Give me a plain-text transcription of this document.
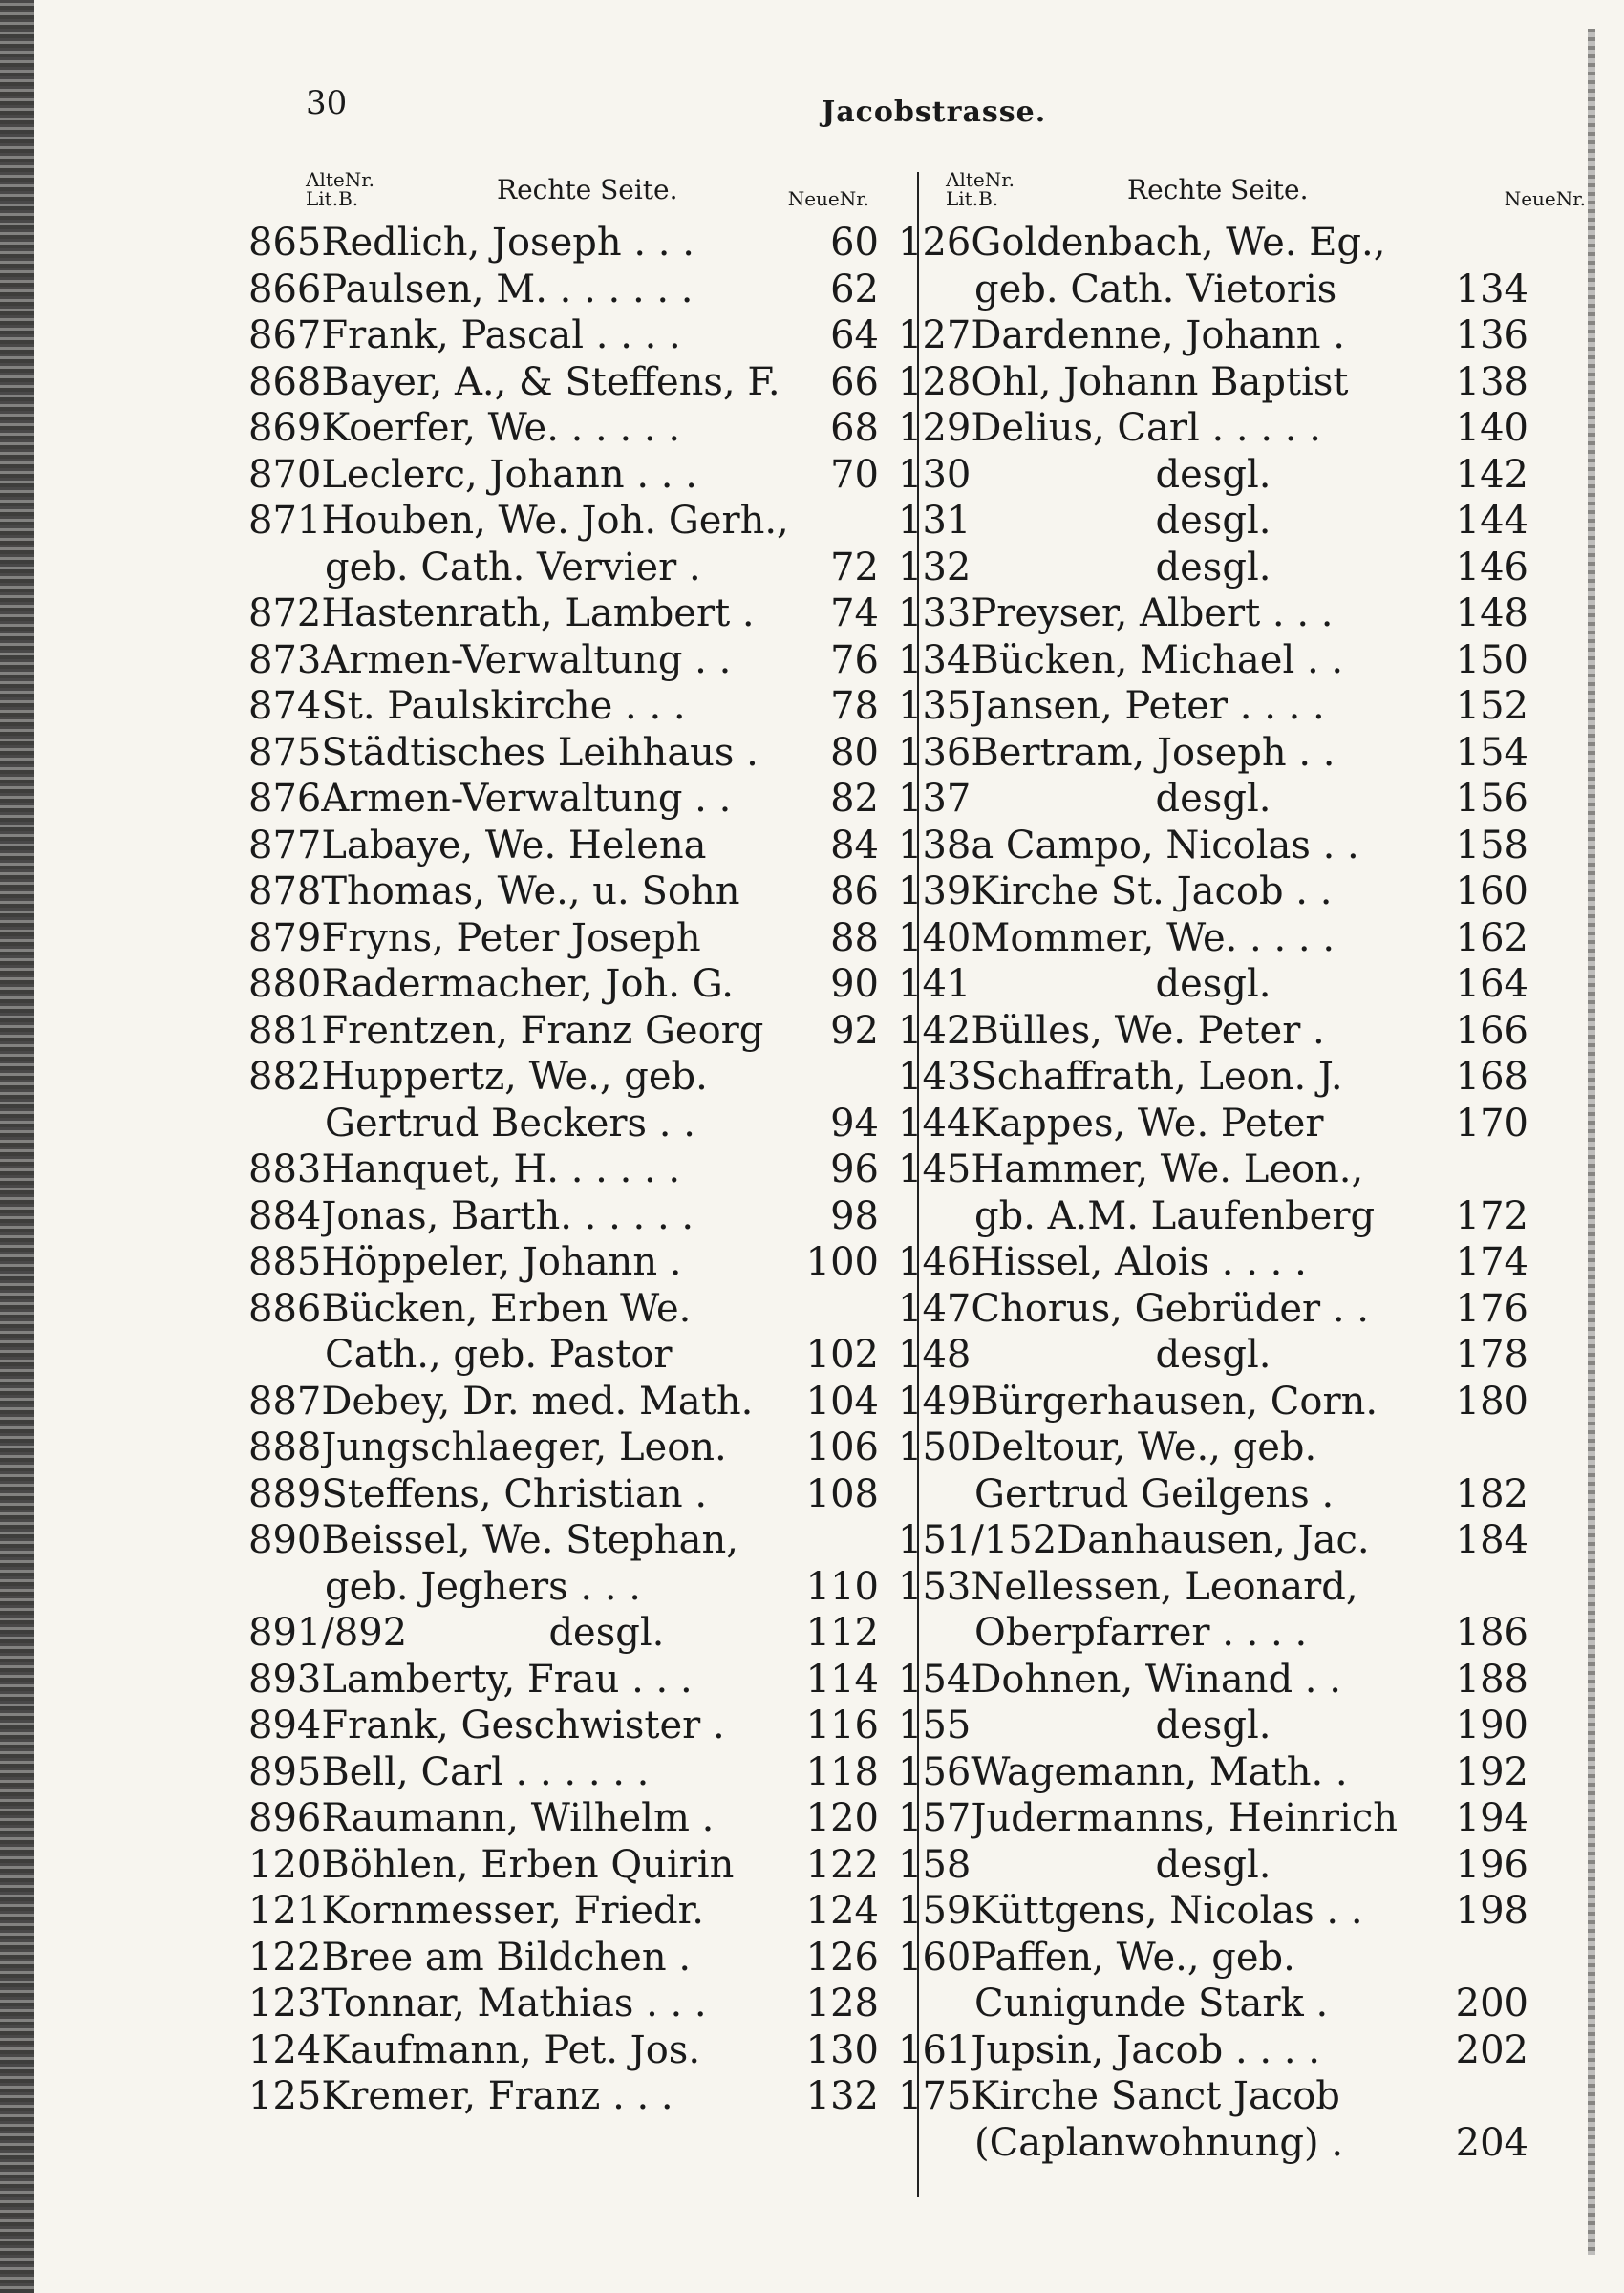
30	Jacobstrasse.
AlteNr.
Lit.B.	Rechte Seite.	NeueNr.
865 Redlich, Joseph . . .	60
866 Paulsen, M. . . . . . .	62
867 Frank, Pascal . . . .	64
868 Bayer, A., & Steffens, F.	66
869 Koerfer, We. . . . . .	68
870 Leclerc, Johann . . .	70
871 Houben, We. Joh. Gerh.,
geb. Cath. Vervier .	72
872 Hastenrath, Lambert .	74
873 Armen-Verwaltung . .	76
874 St. Paulskirche . . .	78
875 Städtisches Leihhaus .	80
876 Armen-Verwaltung . .	82
877 Labaye, We. Helena	84
878 Thomas, We., u. Sohn	86
879 Fryns, Peter Joseph	88
880 Radermacher, Joh. G.	90
881 Frentzen, Franz Georg	92
882 Huppertz, We., geb.
Gertrud Beckers . .	94
883 Hanquet, H. . . . . .	96
884 Jonas, Barth. . . . . .	98
885 Höppeler, Johann .	100
886 Bücken, Erben We.
Cath., geb. Pastor	102
887 Debey, Dr. med. Math.	104
888 Jungschlaeger, Leon.	106
889 Steffens, Christian .	108
890 Beissel, We. Stephan,
geb. Jeghers . . .	110
891/892	desgl.	112
893 Lamberty, Frau . . .	114
894 Frank, Geschwister .	116
895 Bell, Carl . . . . . .	118
896 Raumann, Wilhelm .	120
120 Böhlen, Erben Quirin	122
121 Kornmesser, Friedr.	124
122 Bree am Bildchen .	126
123 Tonnar, Mathias . . .	128
124 Kaufmann, Pet. Jos.	130
125 Kremer, Franz . . .	132
AlteNr.
Lit.B.	Rechte Seite.	NeueNr.
126 Goldenbach, We. Eg.,
geb. Cath. Vietoris	134
127 Dardenne, Johann .	136
128 Ohl, Johann Baptist	138
129 Delius, Carl . . . . .	140
130	desgl.	142
131	desgl.	144
132	desgl.	146
133 Preyser, Albert . . .	148
134 Bücken, Michael . .	150
135 Jansen, Peter . . . .	152
136 Bertram, Joseph . .	154
137	desgl.	156
138 a Campo, Nicolas . .	158
139 Kirche St. Jacob . .	160
140 Mommer, We. . . . .	162
141	desgl.	164
142 Bülles, We. Peter .	166
143 Schaffrath, Leon. J.	168
144 Kappes, We. Peter	170
145 Hammer, We. Leon.,
gb. A.M. Laufenberg	172
146 Hissel, Alois . . . .	174
147 Chorus, Gebrüder . .	176
148	desgl.	178
149 Bürgerhausen, Corn.	180
150 Deltour, We., geb.
Gertrud Geilgens .	182
151/152 Danhausen, Jac.	184
153 Nellessen, Leonard,
Oberpfarrer . . . .	186
154 Dohnen, Winand . .	188
155	desgl.	190
156 Wagemann, Math. .	192
157 Judermanns, Heinrich	194
158	desgl.	196
159 Küttgens, Nicolas . .	198
160 Paffen, We., geb.
Cunigunde Stark .	200
161 Jupsin, Jacob . . . .	202
175 Kirche Sanct Jacob
(Caplanwohnung) .	204
